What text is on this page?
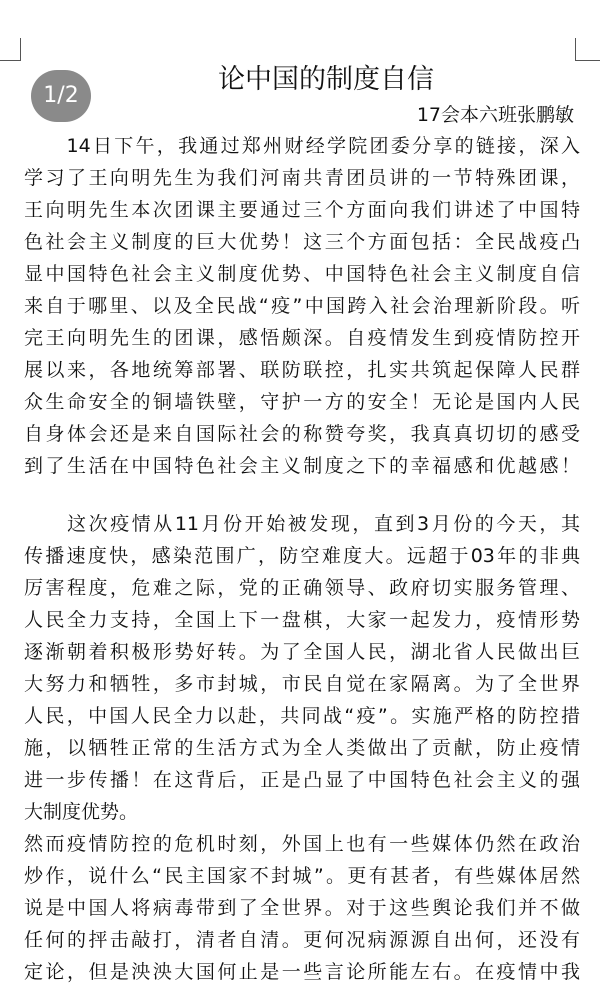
1/2
论中国的制度自信

17会本六班张鹏敏

　　14日下午，我通过郑州财经学院团委分享的链接，深入
学习了王向明先生为我们河南共青团员讲的一节特殊团课，
王向明先生本次团课主要通过三个方面向我们讲述了中国特
色社会主义制度的巨大优势！这三个方面包括：全民战疫凸
显中国特色社会主义制度优势、中国特色社会主义制度自信
来自于哪里、以及全民战“疫”中国跨入社会治理新阶段。听
完王向明先生的团课，感悟颇深。自疫情发生到疫情防控开
展以来，各地统筹部署、联防联控，扎实共筑起保障人民群
众生命安全的铜墙铁壁，守护一方的安全！无论是国内人民
自身体会还是来自国际社会的称赞夸奖，我真真切切的感受
到了生活在中国特色社会主义制度之下的幸福感和优越感！
　　这次疫情从11月份开始被发现，直到3月份的今天，其
传播速度快，感染范围广，防空难度大。远超于03年的非典
厉害程度，危难之际，党的正确领导、政府切实服务管理、
人民全力支持，全国上下一盘棋，大家一起发力，疫情形势
逐渐朝着积极形势好转。为了全国人民，湖北省人民做出巨
大努力和牺牲，多市封城，市民自觉在家隔离。为了全世界
人民，中国人民全力以赴，共同战“疫”。实施严格的防控措
施，以牺牲正常的生活方式为全人类做出了贡献，防止疫情
进一步传播！在这背后，正是凸显了中国特色社会主义的强
大制度优势。
然而疫情防控的危机时刻，外国上也有一些媒体仍然在政治
炒作，说什么“民主国家不封城”。更有甚者，有些媒体居然
说是中国人将病毒带到了全世界。对于这些舆论我们并不做
任何的抨击敲打，清者自清。更何况病源源自出何，还没有
定论，但是泱泱大国何止是一些言论所能左右。在疫情中我
